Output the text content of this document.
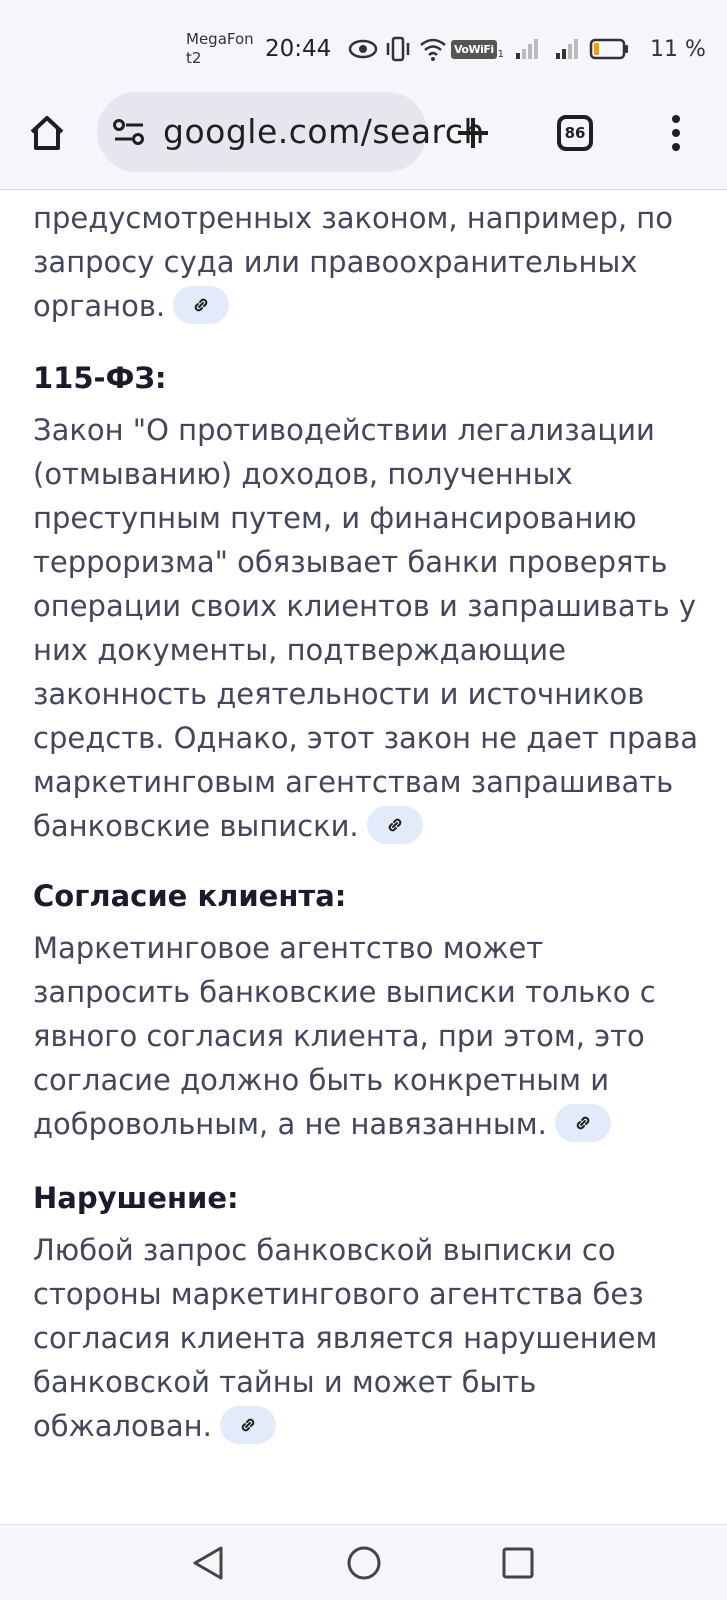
MegaFon
t2	20:44	VoWiFi 1	11 %
google.com/search	86
предусмотренных законом, например, по запросу суда или правоохранительных органов.
115-ФЗ:
Закон "О противодействии легализации (отмыванию) доходов, полученных преступным путем, и финансированию терроризма" обязывает банки проверять операции своих клиентов и запрашивать у них документы, подтверждающие законность деятельности и источников средств. Однако, этот закон не дает права маркетинговым агентствам запрашивать банковские выписки.
Согласие клиента:
Маркетинговое агентство может запросить банковские выписки только с явного согласия клиента, при этом, это согласие должно быть конкретным и добровольным, а не навязанным.
Нарушение:
Любой запрос банковской выписки со стороны маркетингового агентства без согласия клиента является нарушением банковской тайны и может быть обжалован.
